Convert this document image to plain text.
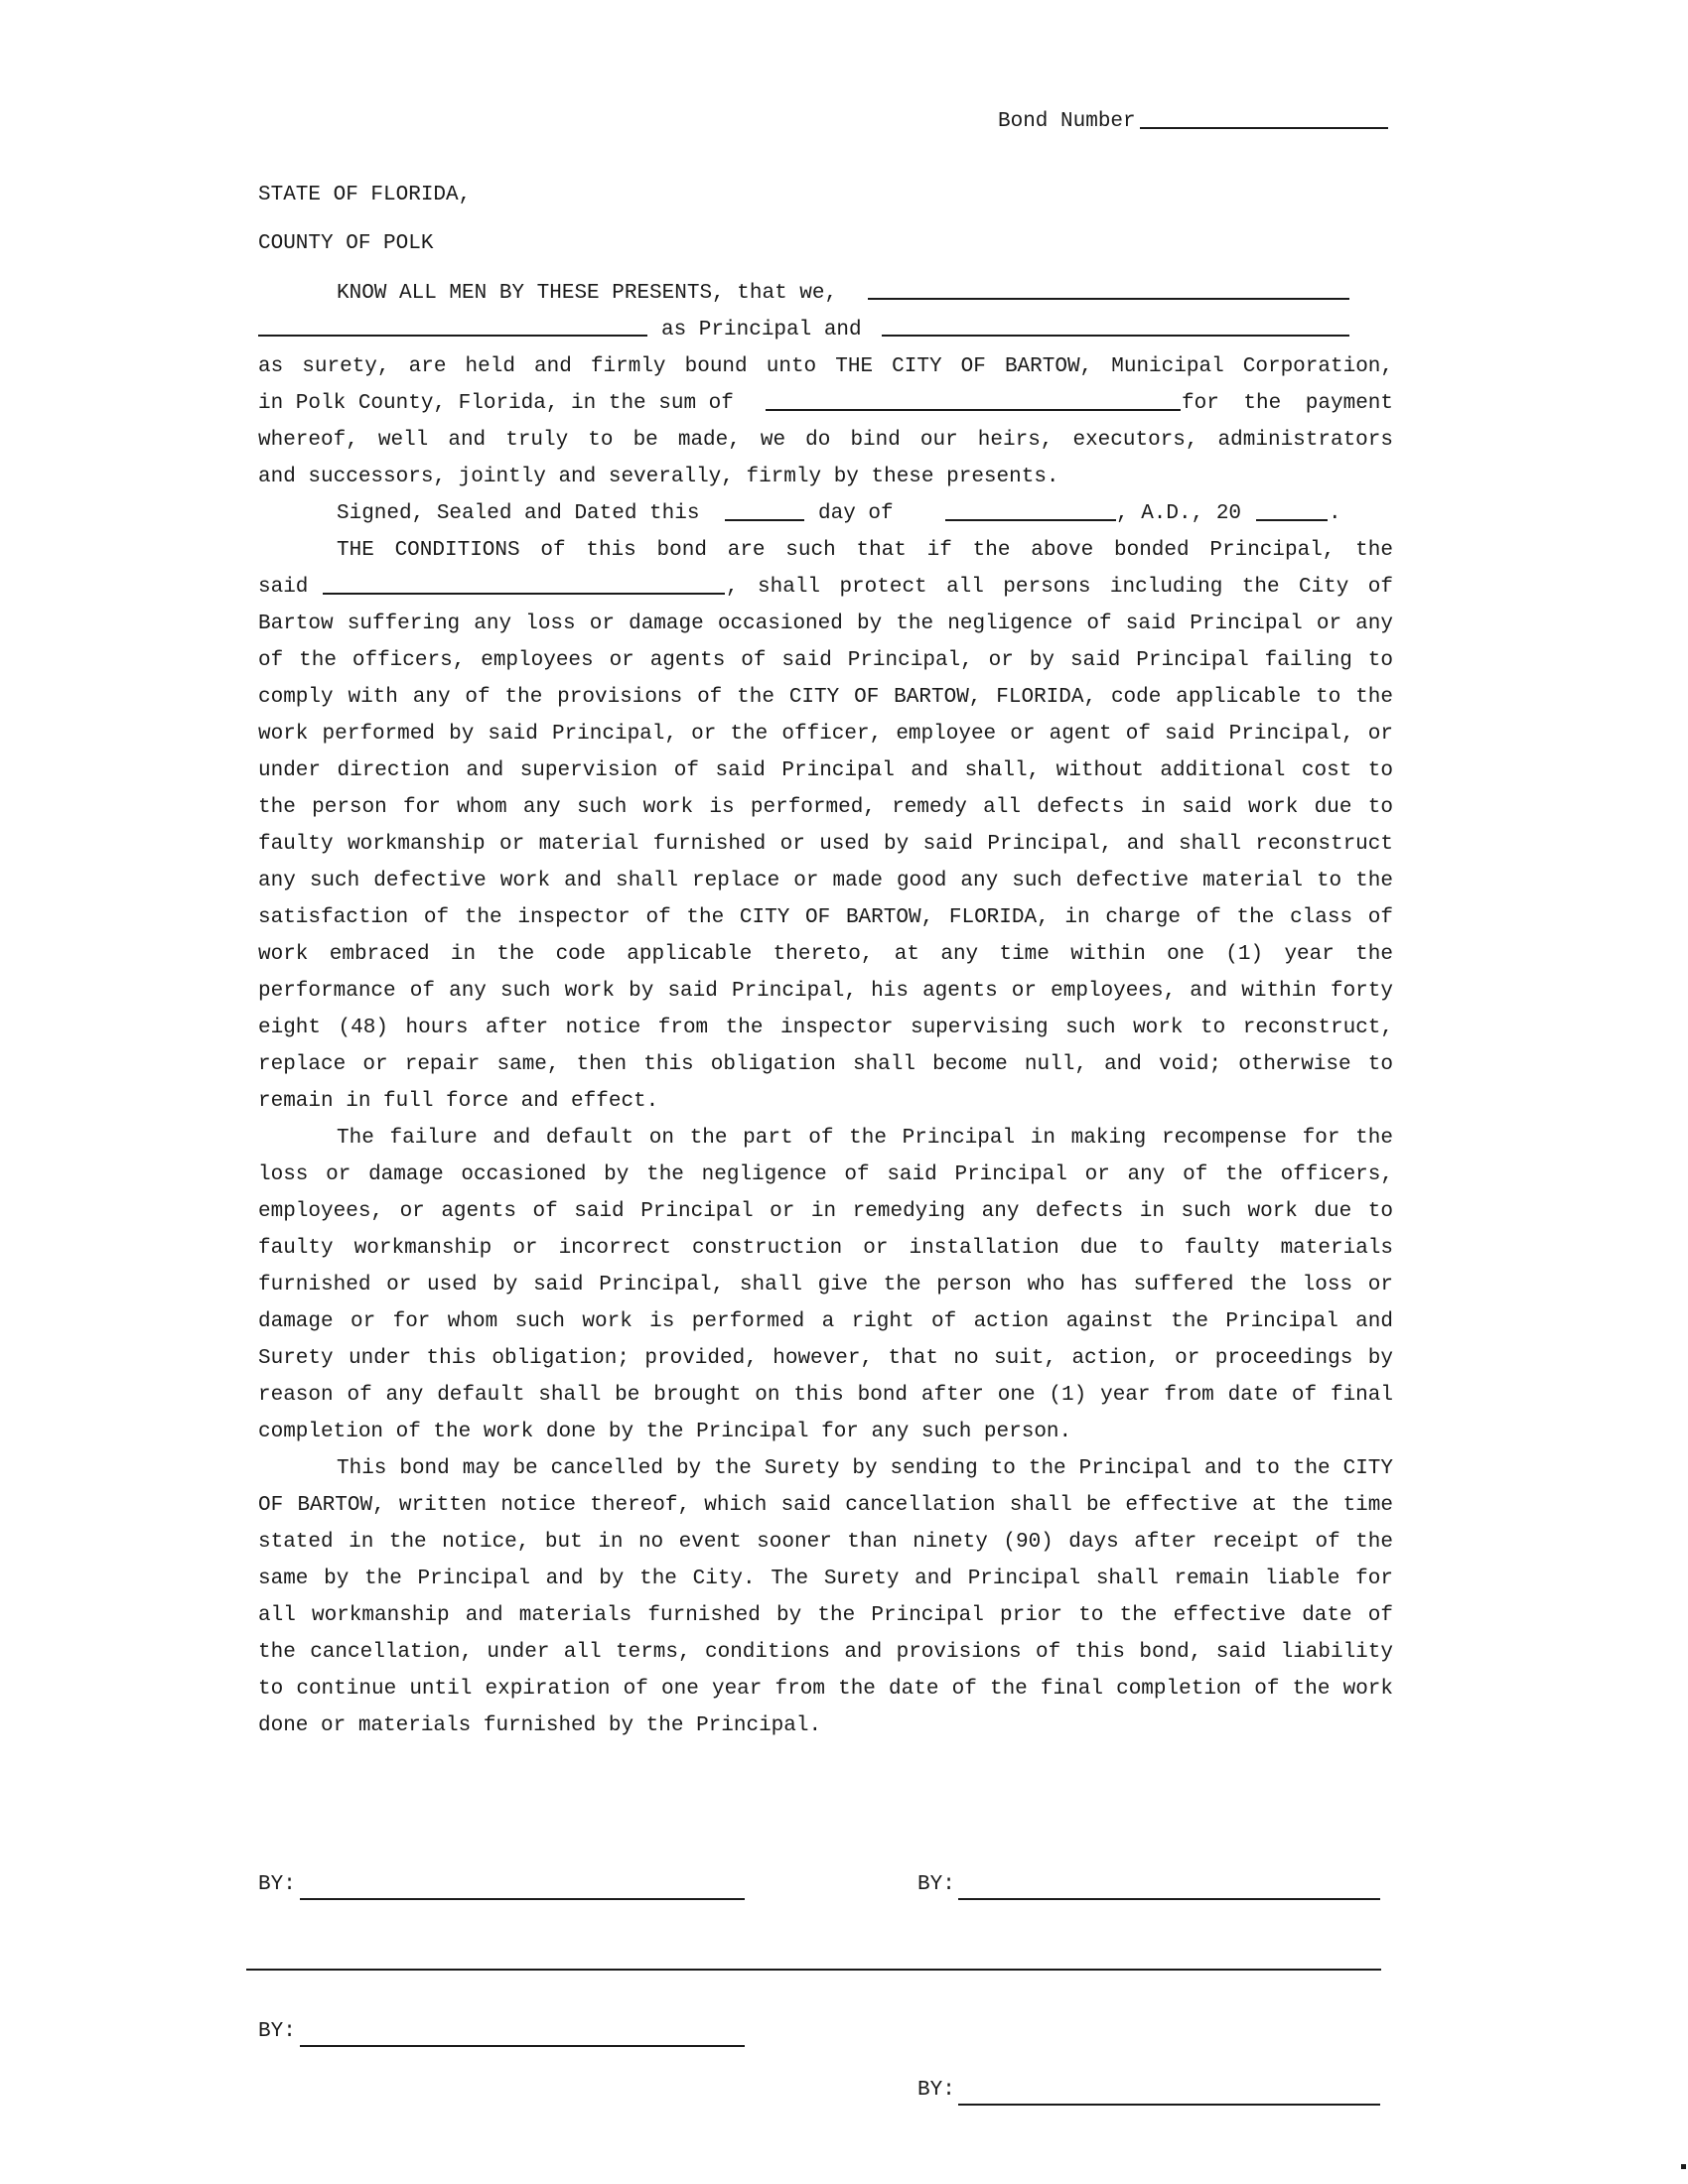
Bond Number
STATE OF FLORIDA,
COUNTY OF POLK
KNOW ALL MEN BY THESE PRESENTS, that we,
as Principal and
as surety, are held and firmly bound unto THE CITY OF BARTOW, Municipal Corporation,
in Polk County, Florida, in the sum of	for the payment
whereof, well and truly to be made, we do bind our heirs, executors, administrators
and successors, jointly and severally, firmly by these presents.
Signed, Sealed and Dated this	day of	, A.D., 20	.
THE CONDITIONS of this bond are such that if the above bonded Principal, the
said	, shall protect all persons including the City of

Bartow suffering any loss or damage occasioned by the negligence of said Principal or any of the officers, employees or agents of said Principal, or by said Principal failing to comply with any of the provisions of the CITY OF BARTOW, FLORIDA, code applicable to the work performed by said Principal, or the officer, employee or agent of said Principal, or under direction and supervision of said Principal and shall, without additional cost to the person for whom any such work is performed, remedy all defects in said work due to faulty workmanship or material furnished or used by said Principal, and shall reconstruct any such defective work and shall replace or made good any such defective material to the satisfaction of the inspector of the CITY OF BARTOW, FLORIDA, in charge of the class of work embraced in the code applicable thereto, at any time within one (1) year the performance of any such work by said Principal, his agents or employees, and within forty eight (48) hours after notice from the inspector supervising such work to reconstruct, replace or repair same, then this obligation shall become null, and void; otherwise to remain in full force and effect.

The failure and default on the part of the Principal in making recompense for the loss or damage occasioned by the negligence of said Principal or any of the officers, employees, or agents of said Principal or in remedying any defects in such work due to faulty workmanship or incorrect construction or installation due to faulty materials furnished or used by said Principal, shall give the person who has suffered the loss or damage or for whom such work is performed a right of action against the Principal and Surety under this obligation; provided, however, that no suit, action, or proceedings by reason of any default shall be brought on this bond after one (1) year from date of final completion of the work done by the Principal for any such person.

This bond may be cancelled by the Surety by sending to the Principal and to the CITY OF BARTOW, written notice thereof, which said cancellation shall be effective at the time stated in the notice, but in no event sooner than ninety (90) days after receipt of the same by the Principal and by the City. The Surety and Principal shall remain liable for all workmanship and materials furnished by the Principal prior to the effective date of the cancellation, under all terms, conditions and provisions of this bond, said liability to continue until expiration of one year from the date of the final completion of the work done or materials furnished by the Principal.

BY:	BY:
BY:
BY:
